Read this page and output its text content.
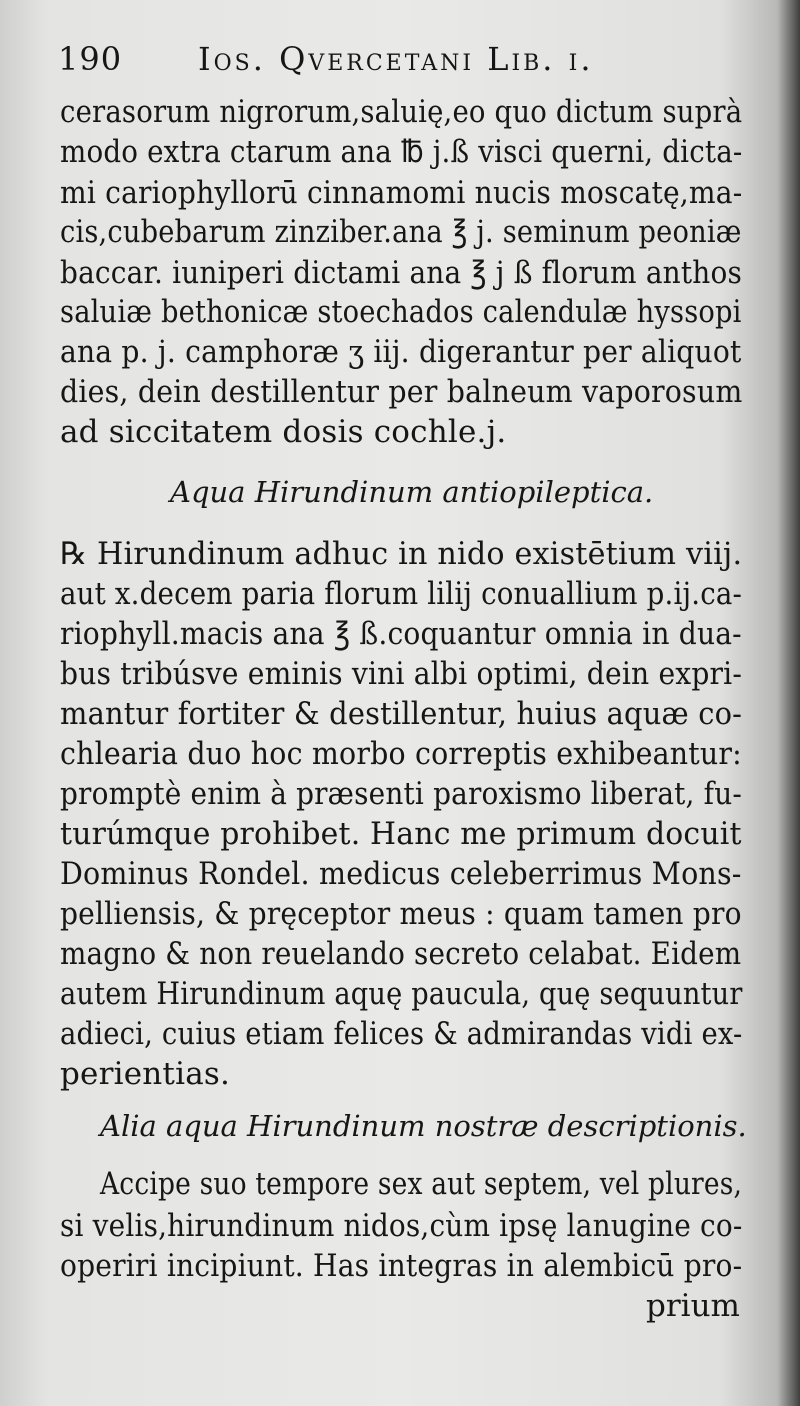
190 Ios. Qvercetani Lib. i.
cerasorum nigrorum,saluię,eo quo dictum suprà
modo extra ctarum ana ℔ j.ß visci querni, dicta-
mi cariophyllorū cinnamomi nucis moscatę,ma-
cis,cubebarum zinziber.ana ℥ j. seminum peoniæ
baccar. iuniperi dictami ana ℥ j ß florum anthos
saluiæ bethonicæ stoechados calendulæ hyssopi
ana p. j. camphoræ ʒ iij. digerantur per aliquot
dies, dein destillentur per balneum vaporosum
ad siccitatem dosis cochle.j.
Aqua Hirundinum antiopileptica.
℞ Hirundinum adhuc in nido existētium viij.
aut x.decem paria florum lilij conuallium p.ij.ca-
riophyll.macis ana ℥ ß.coquantur omnia in dua-
bus tribúsve eminis vini albi optimi, dein expri-
mantur fortiter & destillentur, huius aquæ co-
chlearia duo hoc morbo correptis exhibeantur:
promptè enim à præsenti paroxismo liberat, fu-
turúmque prohibet. Hanc me primum docuit
Dominus Rondel. medicus celeberrimus Mons-
pelliensis, & pręceptor meus : quam tamen pro
magno & non reuelando secreto celabat. Eidem
autem Hirundinum aquę paucula, quę sequuntur
adieci, cuius etiam felices & admirandas vidi ex-
perientias.
Alia aqua Hirundinum nostræ descriptionis.
Accipe suo tempore sex aut septem, vel plures,
si velis,hirundinum nidos,cùm ipsę lanugine co-
operiri incipiunt. Has integras in alembicū pro-
prium
